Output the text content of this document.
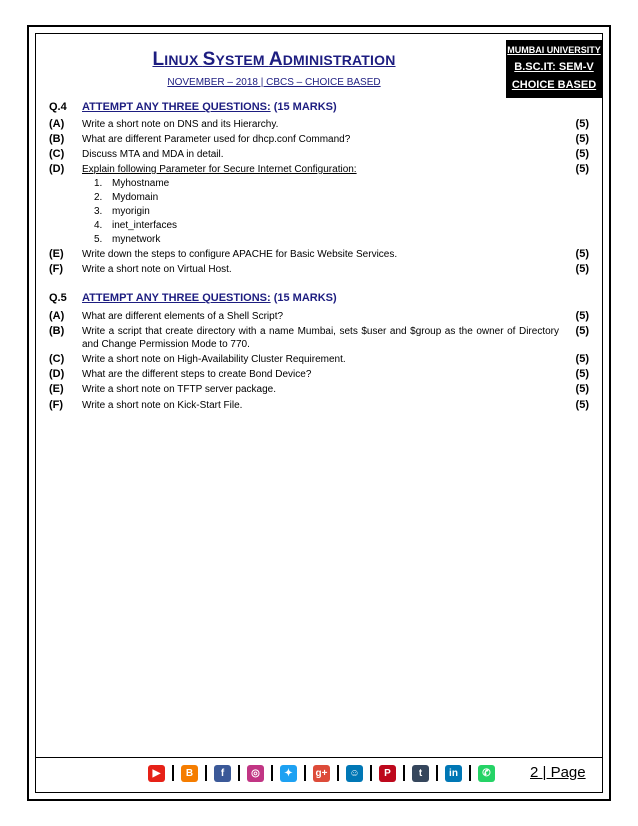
LINUX SYSTEM ADMINISTRATION
NOVEMBER – 2018 | CBCS – CHOICE BASED
MUMBAI UNIVERSITY
B.SC.IT: SEM-V
CHOICE BASED
Q.4 ATTEMPT ANY THREE QUESTIONS: (15 MARKS)
(A)	Write a short note on DNS and its Hierarchy.	(5)
(B)	What are different Parameter used for dhcp.conf Command?	(5)
(C)	Discuss MTA and MDA in detail.	(5)
(D)	Explain following Parameter for Secure Internet Configuration:	(5)
1. Myhostname
2. Mydomain
3. myorigin
4. inet_interfaces
5. mynetwork
(E)	Write down the steps to configure APACHE for Basic Website Services.	(5)
(F)	Write a short note on Virtual Host.	(5)
Q.5 ATTEMPT ANY THREE QUESTIONS: (15 MARKS)
(A)	What are different elements of a Shell Script?	(5)
(B)	Write a script that create directory with a name Mumbai, sets $user and $group as the owner of Directory and Change Permission Mode to 770.
(5)
(C)	Write a short note on High-Availability Cluster Requirement.	(5)
(D)	What are the different steps to create Bond Device?	(5)
(E)	Write a short note on TFTP server package.	(5)
(F)	Write a short note on Kick-Start File.	(5)
▶	B	f	◎	✦	g+	☺	P	t	in	✆	2 | Page
